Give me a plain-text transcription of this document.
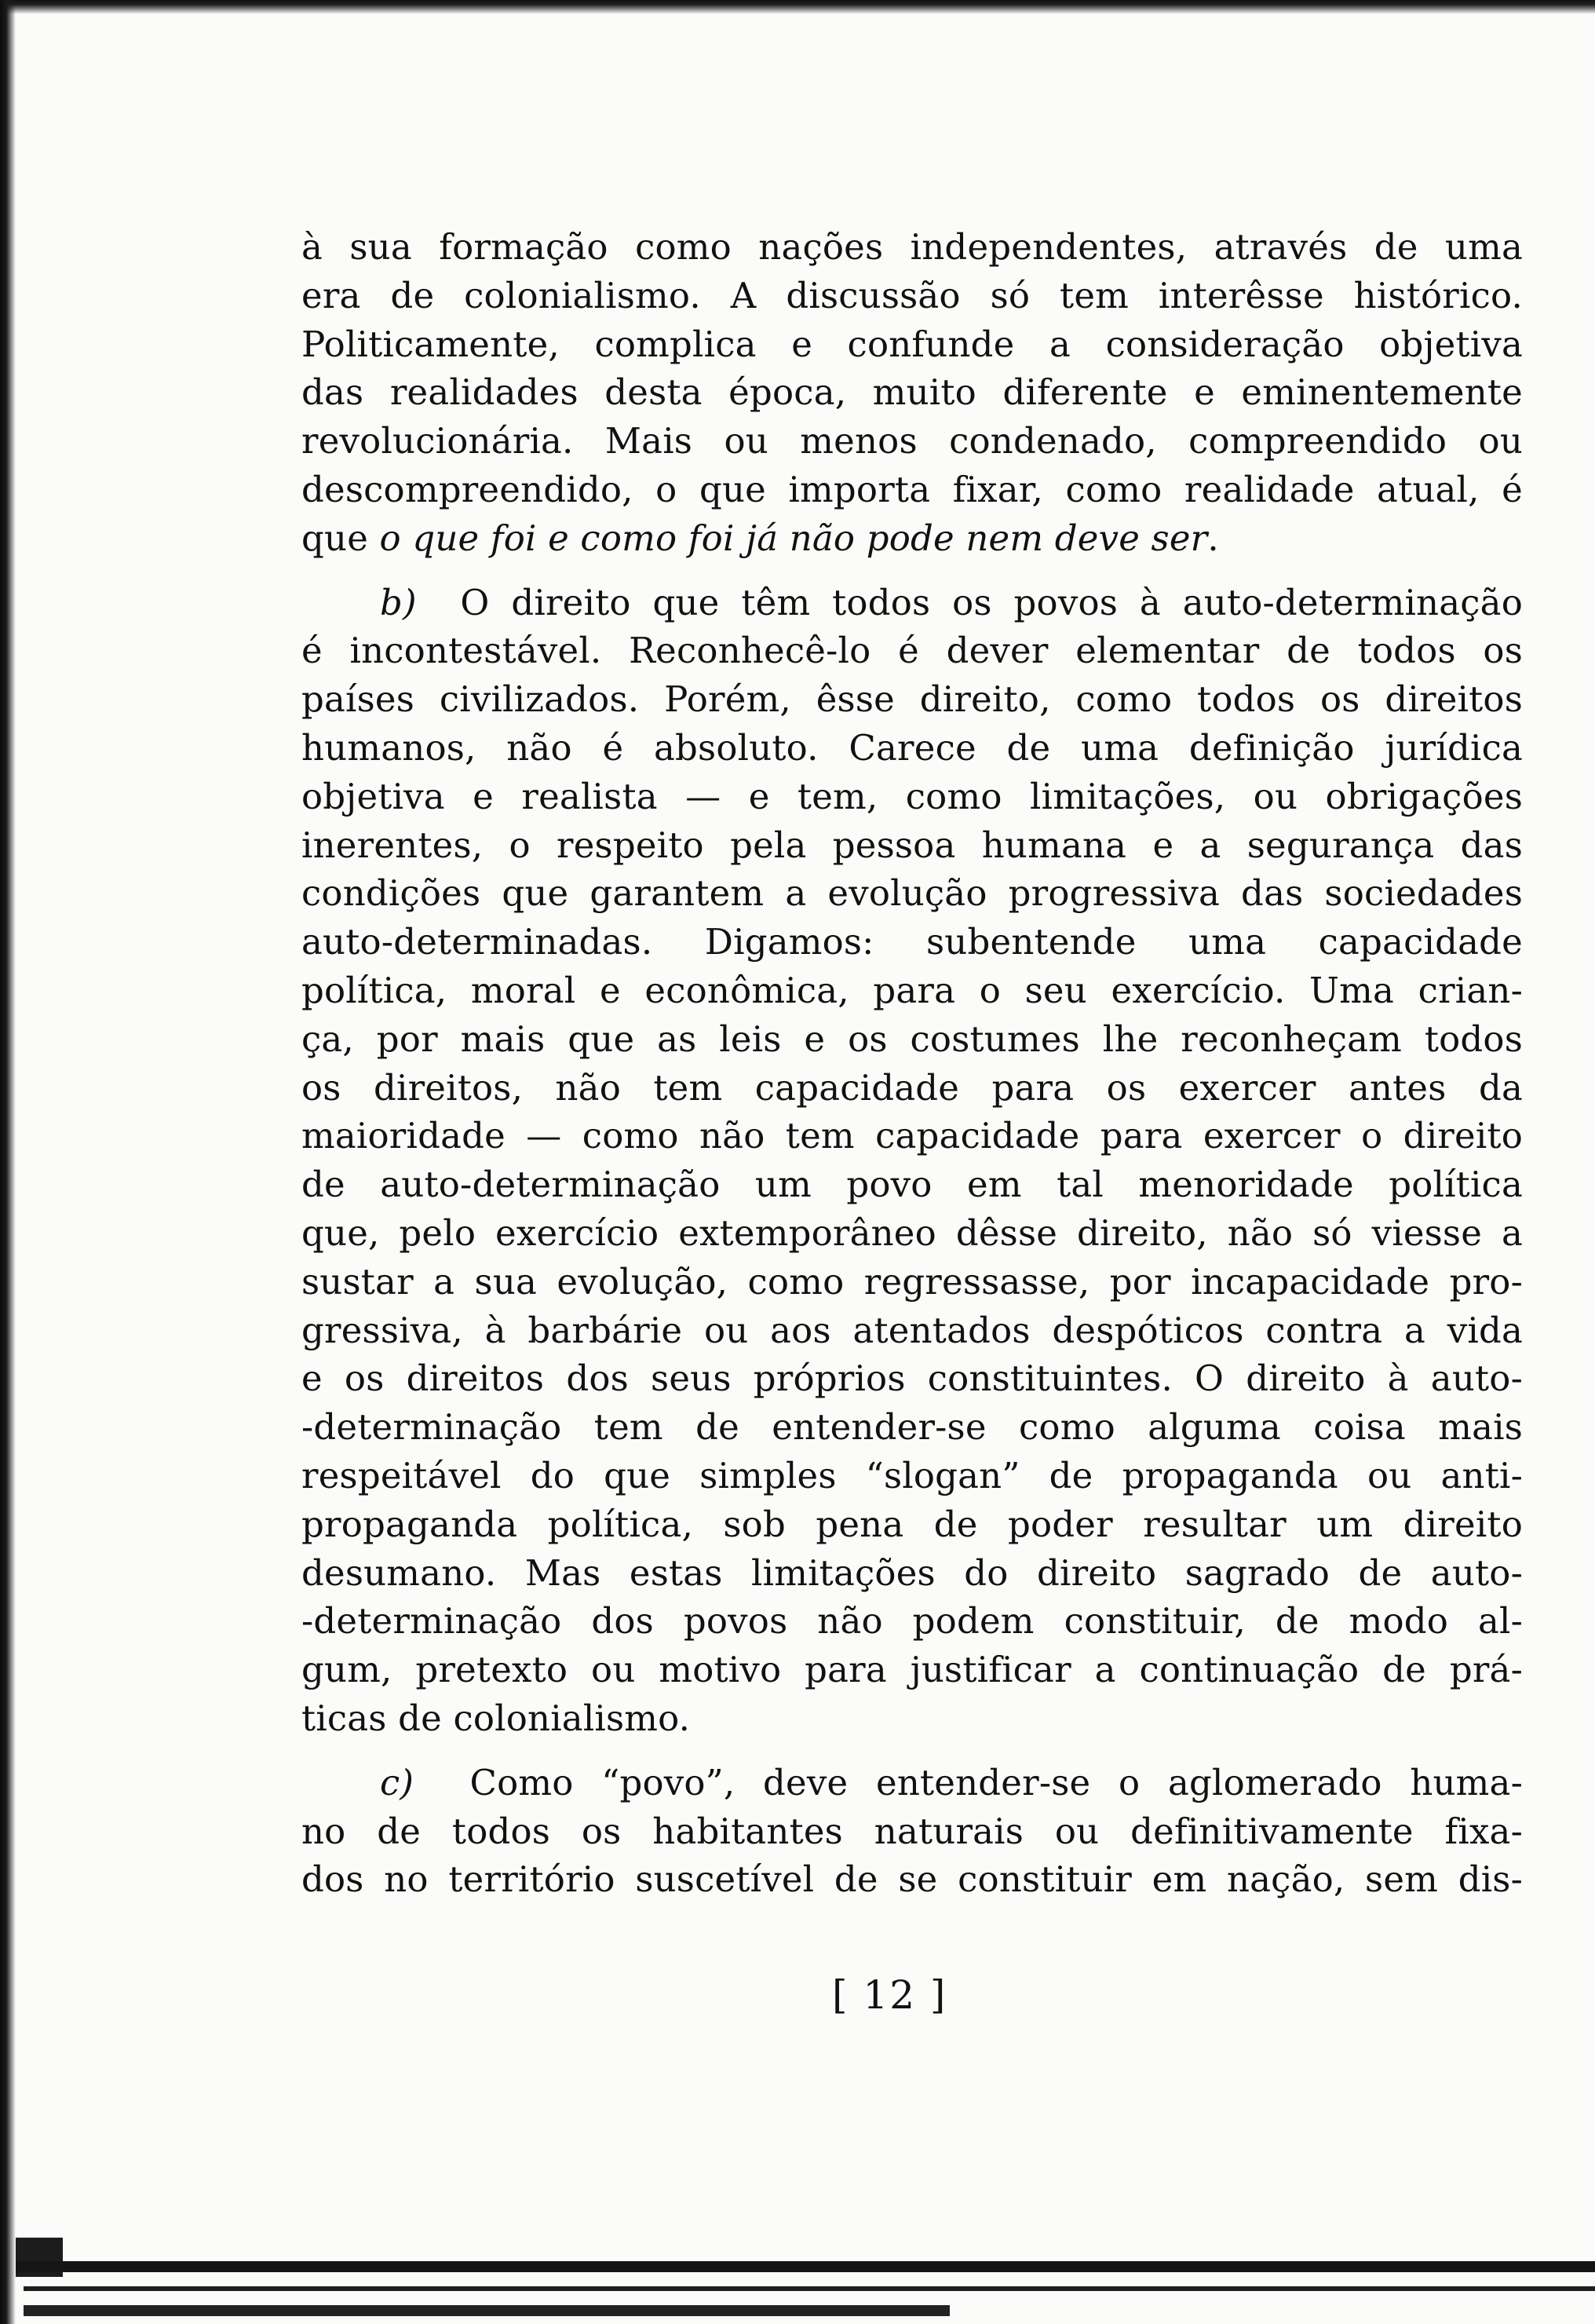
à sua formação como nações independentes, através de uma
era de colonialismo. A discussão só tem interêsse histórico.
Politicamente, complica e confunde a consideração objetiva
das realidades desta época, muito diferente e eminentemente
revolucionária. Mais ou menos condenado, compreendido ou
descompreendido, o que importa fixar, como realidade atual, é
que o que foi e como foi já não pode nem deve ser.
b) O direito que têm todos os povos à auto-determinação
é incontestável. Reconhecê-lo é dever elementar de todos os
países civilizados. Porém, êsse direito, como todos os direitos
humanos, não é absoluto. Carece de uma definição jurídica
objetiva e realista — e tem, como limitações, ou obrigações
inerentes, o respeito pela pessoa humana e a segurança das
condições que garantem a evolução progressiva das sociedades
auto-determinadas. Digamos: subentende uma capacidade
política, moral e econômica, para o seu exercício. Uma crian-
ça, por mais que as leis e os costumes lhe reconheçam todos
os direitos, não tem capacidade para os exercer antes da
maioridade — como não tem capacidade para exercer o direito
de auto-determinação um povo em tal menoridade política
que, pelo exercício extemporâneo dêsse direito, não só viesse a
sustar a sua evolução, como regressasse, por incapacidade pro-
gressiva, à barbárie ou aos atentados despóticos contra a vida
e os direitos dos seus próprios constituintes. O direito à auto-
-determinação tem de entender-se como alguma coisa mais
respeitável do que simples “slogan” de propaganda ou anti-
propaganda política, sob pena de poder resultar um direito
desumano. Mas estas limitações do direito sagrado de auto-
-determinação dos povos não podem constituir, de modo al-
gum, pretexto ou motivo para justificar a continuação de prá-
ticas de colonialismo.
c) Como “povo”, deve entender-se o aglomerado huma-
no de todos os habitantes naturais ou definitivamente fixa-
dos no território suscetível de se constituir em nação, sem dis-
[ 12 ]
